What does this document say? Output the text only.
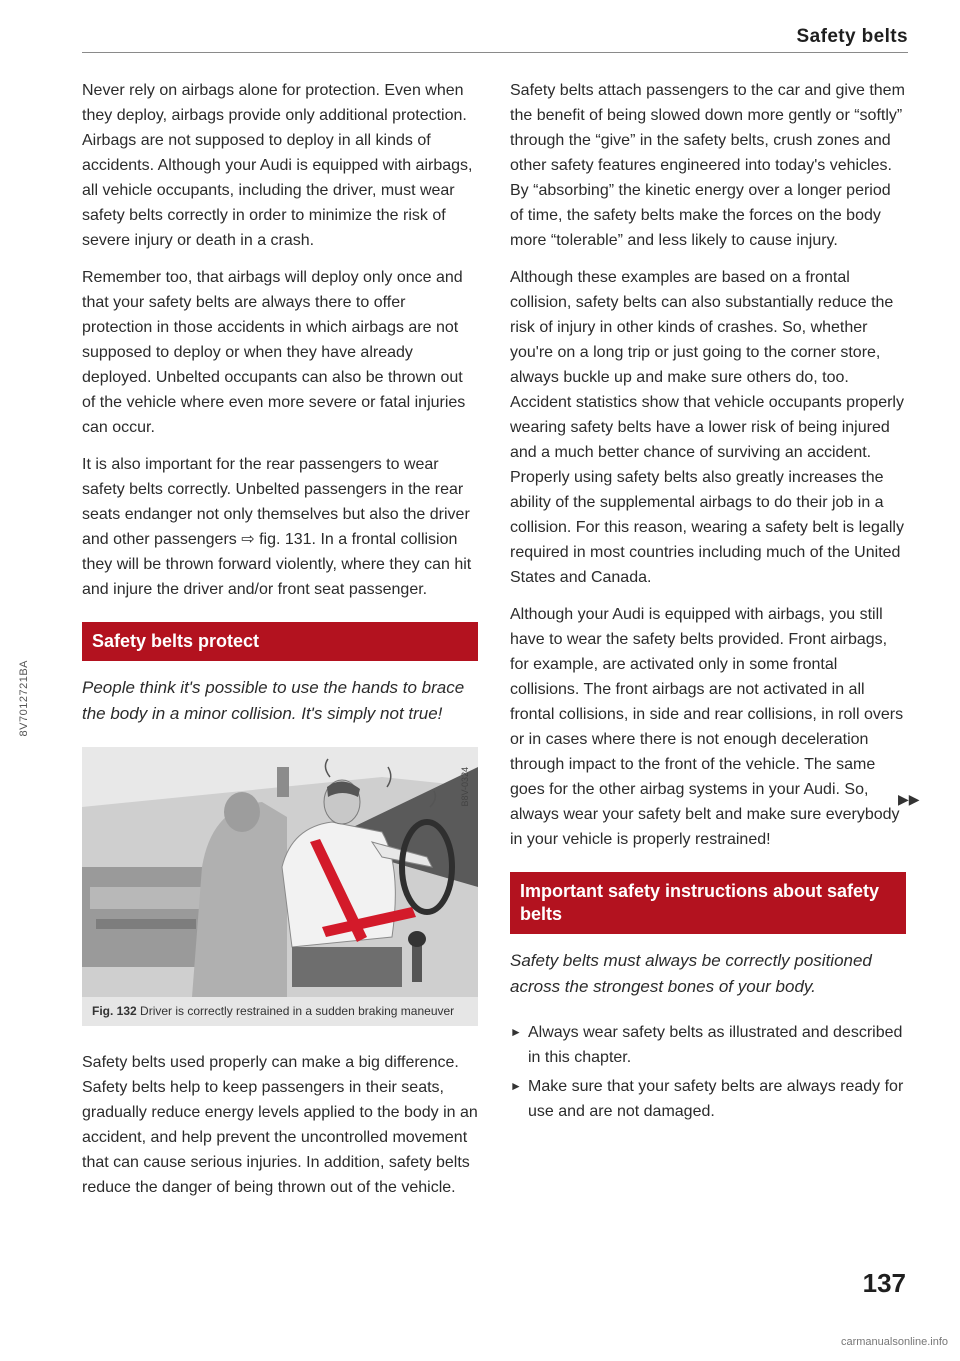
Safety belts

Never rely on airbags alone for protection. Even when they deploy, airbags provide only additional protection. Airbags are not supposed to deploy in all kinds of accidents. Although your Audi is equipped with airbags, all vehicle occupants, including the driver, must wear safety belts correctly in order to minimize the risk of severe injury or death in a crash.

Remember too, that airbags will deploy only once and that your safety belts are always there to offer protection in those accidents in which airbags are not supposed to deploy or when they have already deployed. Unbelted occupants can also be thrown out of the vehicle where even more severe or fatal injuries can occur.

It is also important for the rear passengers to wear safety belts correctly. Unbelted passengers in the rear seats endanger not only themselves but also the driver and other passengers ⇨ fig. 131. In a frontal collision they will be thrown forward violently, where they can hit and injure the driver and/or front seat passenger.

Safety belts protect
People think it's possible to use the hands to brace the body in a minor collision. It's simply not true!
B8V-0324
Fig. 132 Driver is correctly restrained in a sudden braking maneuver

Safety belts used properly can make a big difference. Safety belts help to keep passengers in their seats, gradually reduce energy levels applied to the body in an accident, and help prevent the uncontrolled movement that can cause serious injuries. In addition, safety belts reduce the danger of being thrown out of the vehicle.

Safety belts attach passengers to the car and give them the benefit of being slowed down more gently or “softly” through the “give” in the safety belts, crush zones and other safety features engineered into today's vehicles. By “absorbing” the kinetic energy over a longer period of time, the safety belts make the forces on the body more “tolerable” and less likely to cause injury.

Although these examples are based on a frontal collision, safety belts can also substantially reduce the risk of injury in other kinds of crashes. So, whether you're on a long trip or just going to the corner store, always buckle up and make sure others do, too. Accident statistics show that vehicle occupants properly wearing safety belts have a lower risk of being injured and a much better chance of surviving an accident. Properly using safety belts also greatly increases the ability of the supplemental airbags to do their job in a collision. For this reason, wearing a safety belt is legally required in most countries including much of the United States and Canada.

Although your Audi is equipped with airbags, you still have to wear the safety belts provided. Front airbags, for example, are activated only in some frontal collisions. The front airbags are not activated in all frontal collisions, in side and rear collisions, in roll overs or in cases where there is not enough deceleration through impact to the front of the vehicle. The same goes for the other airbag systems in your Audi. So, always wear your safety belt and make sure everybody in your vehicle is properly restrained!

Important safety instructions about safety belts
Safety belts must always be correctly positioned across the strongest bones of your body.
► Always wear safety belts as illustrated and described in this chapter.
► Make sure that your safety belts are always ready for use and are not damaged.
▶▶
137
8V7012721BA
carmanualsonline.info
